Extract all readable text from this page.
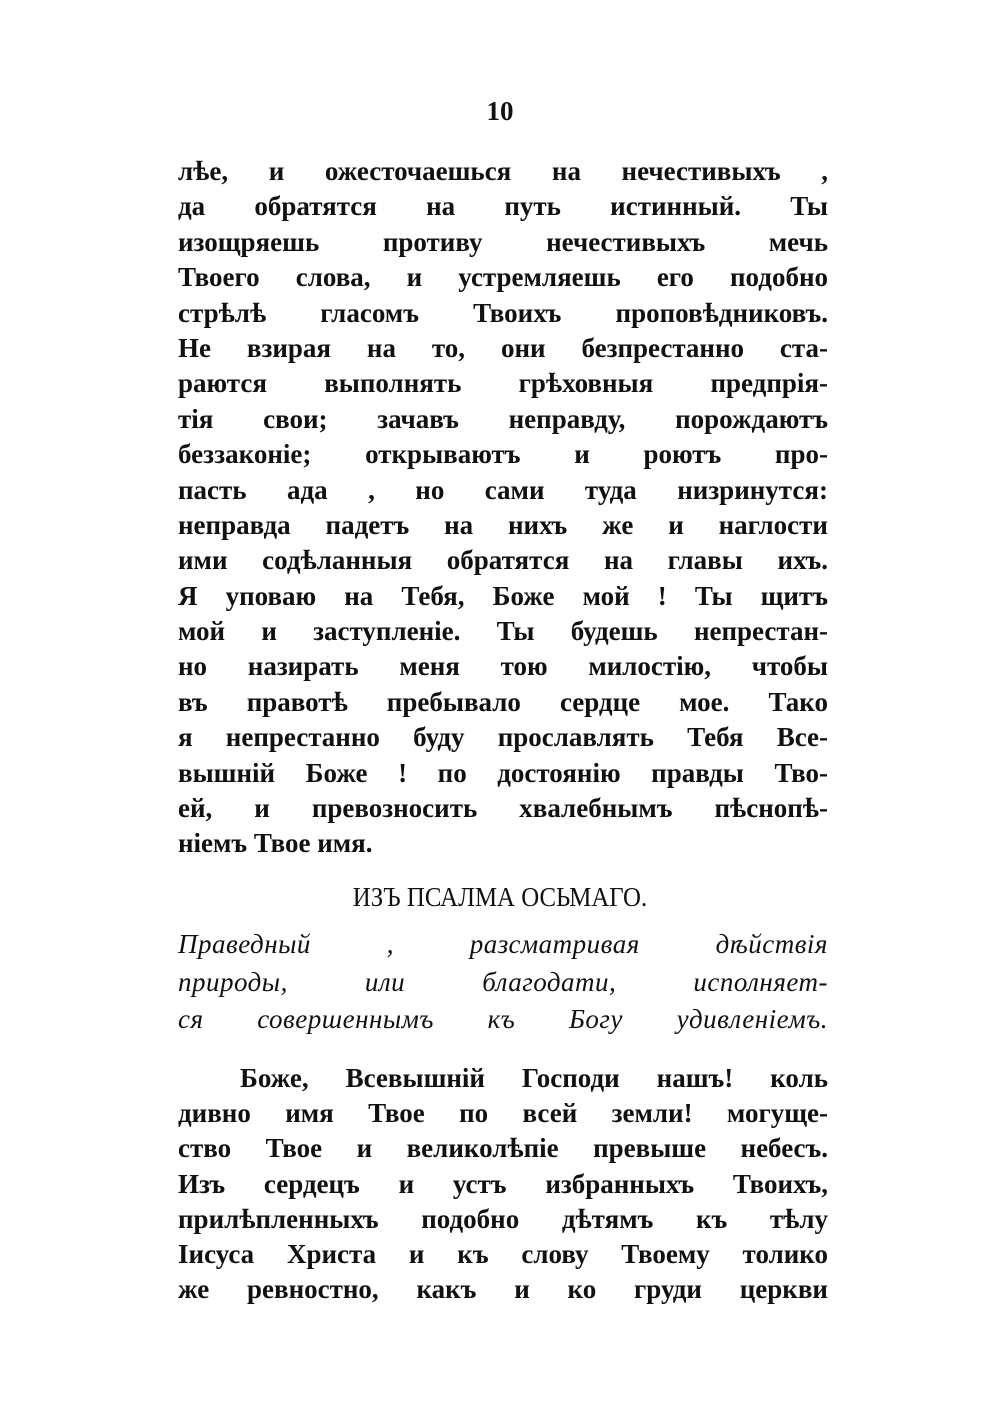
10
лѣе, и ожесточаешься на нечестивыхъ ,
да обратятся на путь истинный. Ты
изощряешь противу нечестивыхъ мечь
Твоего слова, и устремляешь его подобно
стрѣлѣ гласомъ Твоихъ проповѣдниковъ.
Не взирая на то, они безпрестанно ста-
раются выполнять грѣховныя предпрія-
тія свои; зачавъ неправду, порождаютъ
беззаконіе; открываютъ и роютъ про-
пасть ада , но сами туда низринутся:
неправда падетъ на нихъ же и наглости
ими содѣланныя обратятся на главы ихъ.
Я уповаю на Тебя, Боже мой ! Ты щитъ
мой и заступленіе. Ты будешь непрестан-
но назирать меня тою милостію, чтобы
въ правотѣ пребывало сердце мое. Тако
я непрестанно буду прославлять Тебя Все-
вышній Боже ! по достоянію правды Тво-
ей, и превозносить хвалебнымъ пѣснопѣ-
ніемъ Твое имя.
ИЗЪ ПСАЛМА ОСЬМАГО.
Праведный , разсматривая дѣйствія
природы, или благодати, исполняет-
ся совершеннымъ къ Богу удивленіемъ.
Боже, Всевышній Господи нашъ! коль
дивно имя Твое по всей земли! могуще-
ство Твое и великолѣпіе превыше небесъ.
Изъ сердецъ и устъ избранныхъ Твоихъ,
прилѣпленныхъ подобно дѣтямъ къ тѣлу
Іисуса Христа и къ слову Твоему толико
же ревностно, какъ и ко груди церкви
